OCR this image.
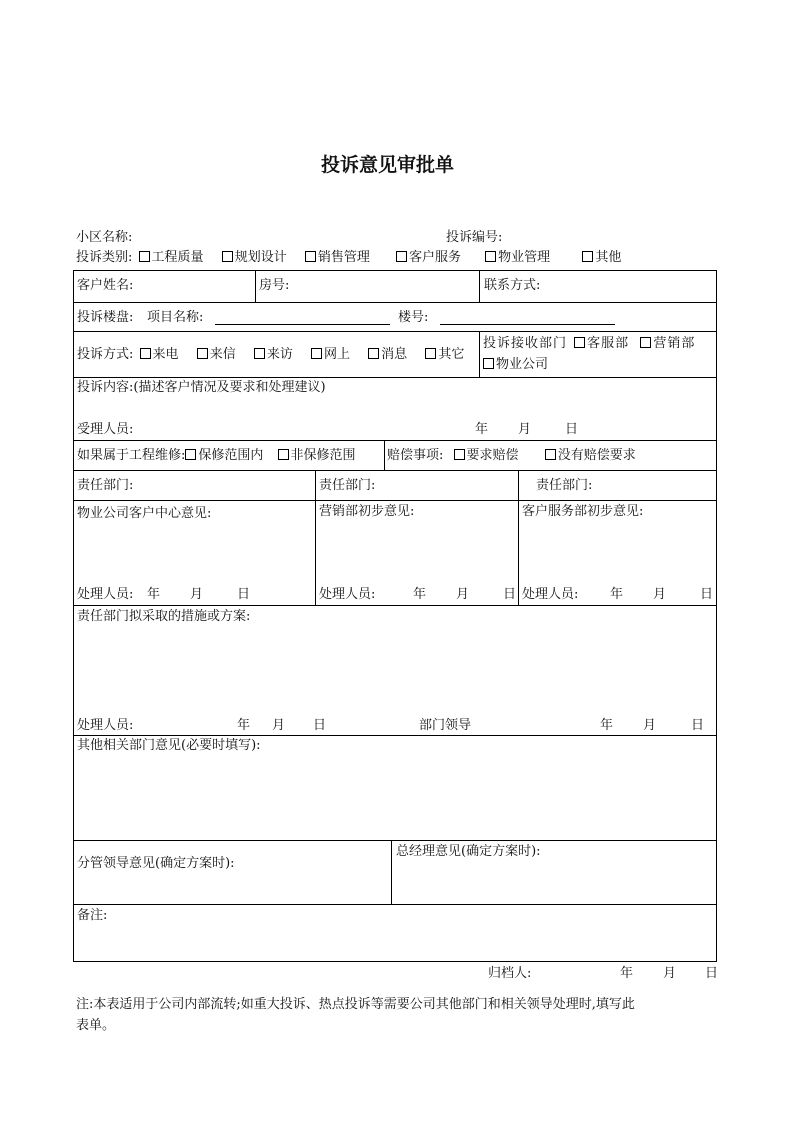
投诉意见审批单
小区名称:	投诉编号:
投诉类别: 工程质量 规划设计 销售管理	客户服务	物业管理	其他
客户姓名:	房号:	联系方式:
投诉楼盘: 项目名称:	楼号:
投诉方式: 来电 来信 来访 网上 消息 其它
投诉接收部门 客服部 营销部
物业公司
投诉内容:(描述客户情况及要求和处理建议)
受理人员:	年 月	日
如果属于工程维修: 保修范围内 非保修范围 赔偿事项: 要求赔偿	没有赔偿要求
责任部门:	责任部门:	责任部门:
物业公司客户中心意见:	营销部初步意见:	客户服务部初步意见:
处理人员: 年 月	日	处理人员:	年 月	日 处理人员: 年 月	日
责任部门拟采取的措施或方案:
处理人员:	年 月 日	部门领导	年 月	日
其他相关部门意见(必要时填写):
分管领导意见(确定方案时):
总经理意见(确定方案时):
备注:
归档人:	年 月 日
注:本表适用于公司内部流转;如重大投诉、热点投诉等需要公司其他部门和相关领导处理时,填写此
表单。
